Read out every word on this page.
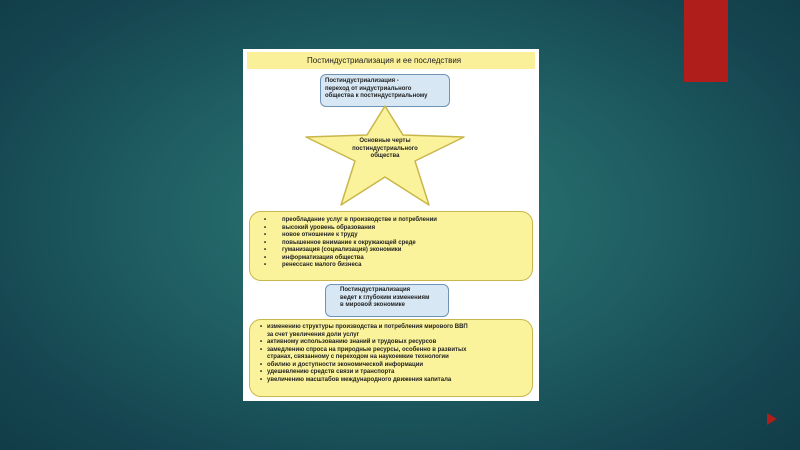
Постиндустриализация и ее последствия
Постиндустриализация -
переход от индустриального
общества к постиндустриальному
Основные черты
постиндустриального
общества
•	преобладание услуг в производстве и потреблении
•	высокий уровень образования
•	новое отношение к труду
•	повышенное внимание к окружающей среде
•	гуманизация (социализация) экономики
•	информатизация общества
•	ренессанс малого бизнеса
Постиндустриализация
ведет к глубоким изменениям
в мировой экономике
• изменению структуры производства и потребления мирового ВВП
за счет увеличения доли услуг
• активному использованию знаний и трудовых ресурсов
• замедлению спроса на природные ресурсы, особенно в развитых
странах, связанному с переходом на наукоемкие технологии
• обилию и доступности экономической информации
• удешевлению средств связи и транспорта
• увеличению масштабов международного движения капитала
